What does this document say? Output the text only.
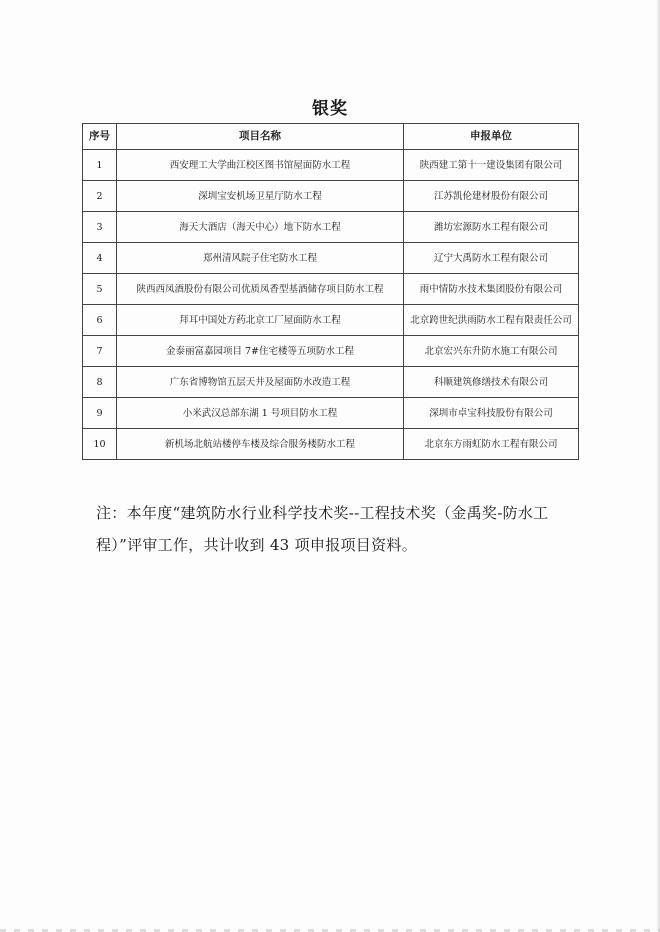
银奖
序号	项目名称	申报单位
1	西安理工大学曲江校区图书馆屋面防水工程	陕西建工第十一建设集团有限公司
2	深圳宝安机场卫星厅防水工程	江苏凯伦建材股份有限公司
3	海天大酒店（海天中心）地下防水工程	潍坊宏源防水工程有限公司
4	郑州清风院子住宅防水工程	辽宁大禹防水工程有限公司
5	陕西西凤酒股份有限公司优质凤香型基酒储存项目防水工程	雨中情防水技术集团股份有限公司
6	拜耳中国处方药北京工厂屋面防水工程	北京跨世纪洪雨防水工程有限责任公司
7	金泰丽富嘉园项目 7#住宅楼等五项防水工程	北京宏兴东升防水施工有限公司
8	广东省博物馆五层天井及屋面防水改造工程	科顺建筑修缮技术有限公司
9	小米武汉总部东湖 1 号项目防水工程	深圳市卓宝科技股份有限公司
10	新机场北航站楼停车楼及综合服务楼防水工程	北京东方雨虹防水工程有限公司
注：本年度“建筑防水行业科学技术奖--工程技术奖（金禹奖-防水工程）”评审工作，共计收到 43 项申报项目资料。
